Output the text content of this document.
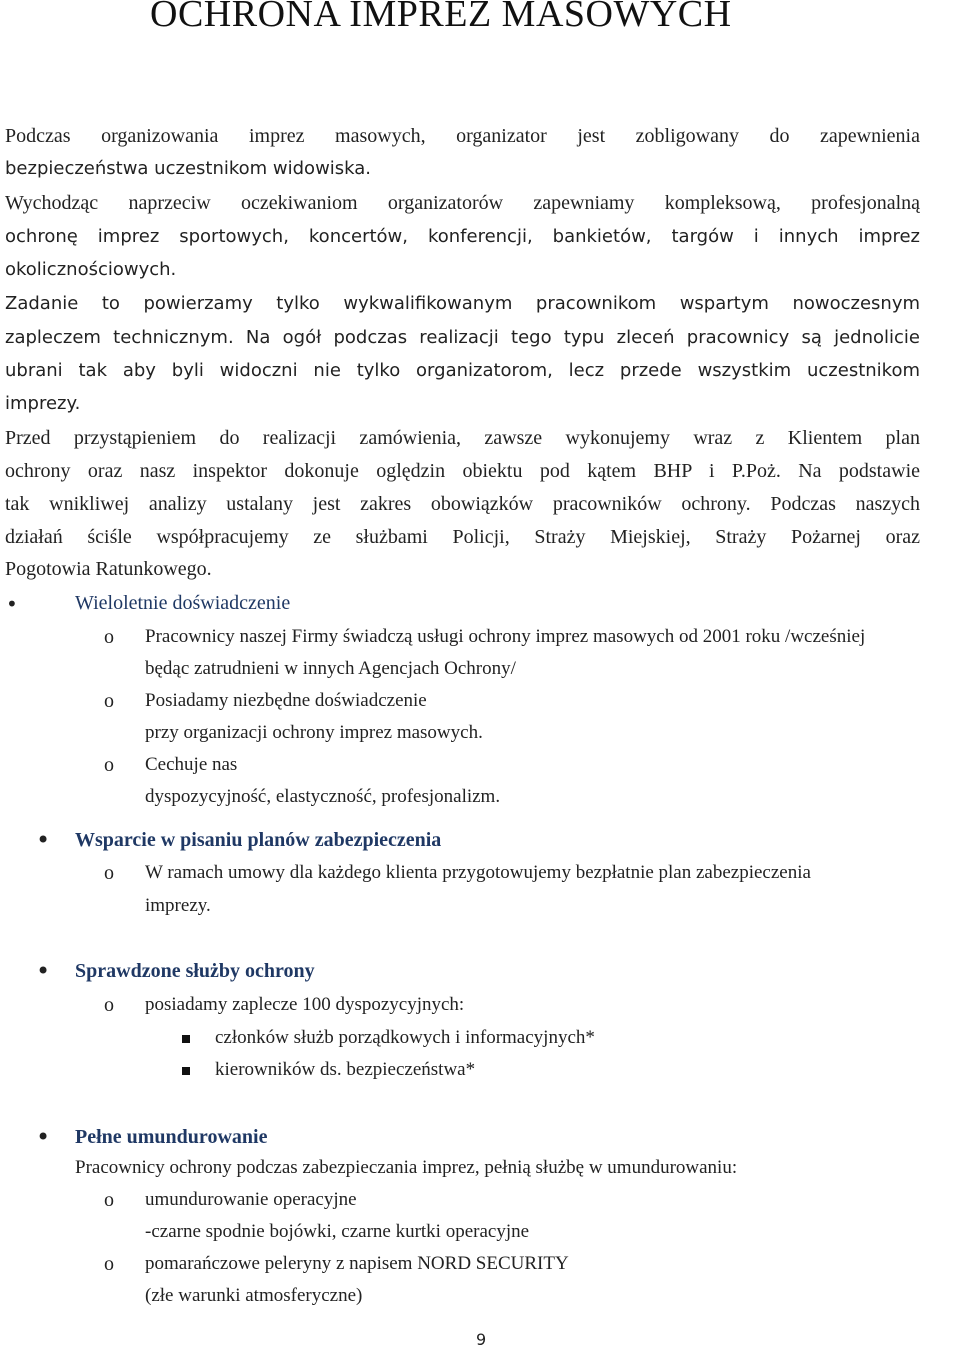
OCHRONA IMPREZ MASOWYCH
Podczas organizowania imprez masowych, organizator jest zobligowany do zapewnienia
bezpieczeństwa uczestnikom widowiska.
Wychodząc naprzeciw oczekiwaniom organizatorów zapewniamy kompleksową, profesjonalną
ochronę imprez sportowych, koncertów, konferencji, bankietów, targów i innych imprez
okolicznościowych.
Zadanie to powierzamy tylko wykwalifikowanym pracownikom wspartym nowoczesnym
zapleczem technicznym. Na ogół podczas realizacji tego typu zleceń pracownicy są jednolicie
ubrani tak aby byli widoczni nie tylko organizatorom, lecz przede wszystkim uczestnikom
imprezy.
Przed przystąpieniem do realizacji zamówienia, zawsze wykonujemy wraz z Klientem plan
ochrony oraz nasz inspektor dokonuje oględzin obiektu pod kątem BHP i P.Poż. Na podstawie
tak wnikliwej analizy ustalany jest zakres obowiązków pracowników ochrony. Podczas naszych
działań ściśle współpracujemy ze służbami Policji, Straży Miejskiej, Straży Pożarnej oraz
Pogotowia Ratunkowego.
•	Wieloletnie doświadczenie
o Pracownicy naszej Firmy świadczą usługi ochrony imprez masowych od 2001 roku /wcześniej
będąc zatrudnieni w innych Agencjach Ochrony/
o Posiadamy niezbędne doświadczenie
przy organizacji ochrony imprez masowych.
o Cechuje nas
dyspozycyjność, elastyczność, profesjonalizm.
• Wsparcie w pisaniu planów zabezpieczenia
o W ramach umowy dla każdego klienta przygotowujemy bezpłatnie plan zabezpieczenia
imprezy.
• Sprawdzone służby ochrony
o posiadamy zaplecze 100 dyspozycyjnych:
członków służb porządkowych i informacyjnych*
kierowników ds. bezpieczeństwa*
• Pełne umundurowanie
Pracownicy ochrony podczas zabezpieczania imprez, pełnią służbę w umundurowaniu:
o umundurowanie operacyjne
-czarne spodnie bojówki, czarne kurtki operacyjne
o pomarańczowe peleryny z napisem NORD SECURITY
(złe warunki atmosferyczne)
9
